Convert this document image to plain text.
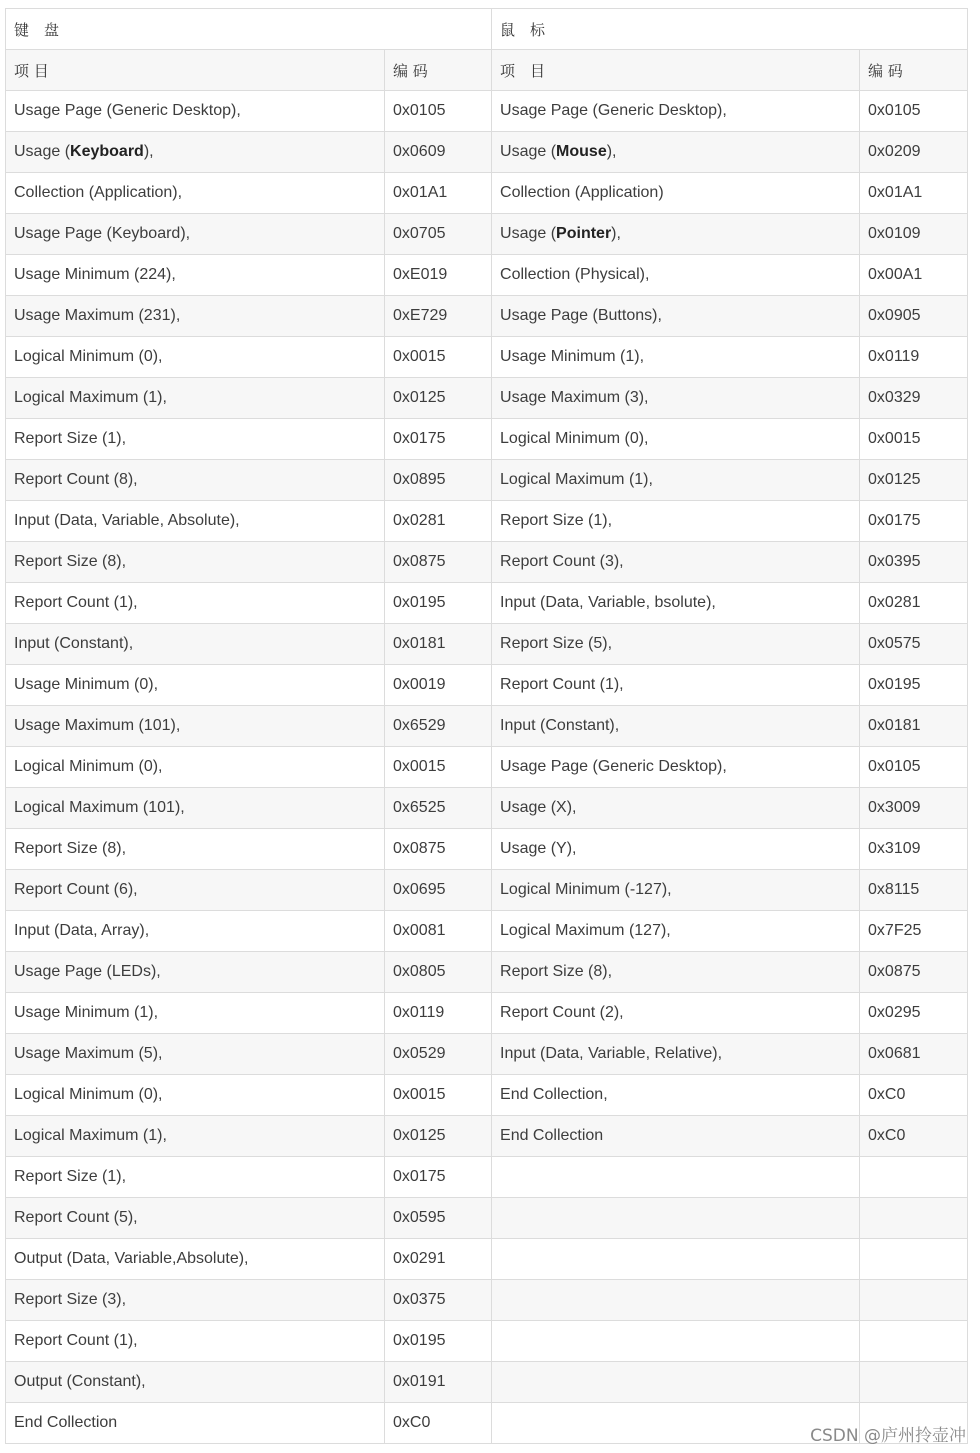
键　盘		鼠　标	
项 目	编 码	项　目	编 码
Usage Page (Generic Desktop),	0x0105	Usage Page (Generic Desktop),	0x0105
Usage (Keyboard),	0x0609	Usage (Mouse),	0x0209
Collection (Application),	0x01A1	Collection (Application)	0x01A1
Usage Page (Keyboard),	0x0705	Usage (Pointer),	0x0109
Usage Minimum (224),	0xE019	Collection (Physical),	0x00A1
Usage Maximum (231),	0xE729	Usage Page (Buttons),	0x0905
Logical Minimum (0),	0x0015	Usage Minimum (1),	0x0119
Logical Maximum (1),	0x0125	Usage Maximum (3),	0x0329
Report Size (1),	0x0175	Logical Minimum (0),	0x0015
Report Count (8),	0x0895	Logical Maximum (1),	0x0125
Input (Data, Variable, Absolute),	0x0281	Report Size (1),	0x0175
Report Size (8),	0x0875	Report Count (3),	0x0395
Report Count (1),	0x0195	Input (Data, Variable, bsolute),	0x0281
Input (Constant),	0x0181	Report Size (5),	0x0575
Usage Minimum (0),	0x0019	Report Count (1),	0x0195
Usage Maximum (101),	0x6529	Input (Constant),	0x0181
Logical Minimum (0),	0x0015	Usage Page (Generic Desktop),	0x0105
Logical Maximum (101),	0x6525	Usage (X),	0x3009
Report Size (8),	0x0875	Usage (Y),	0x3109
Report Count (6),	0x0695	Logical Minimum (-127),	0x8115
Input (Data, Array),	0x0081	Logical Maximum (127),	0x7F25
Usage Page (LEDs),	0x0805	Report Size (8),	0x0875
Usage Minimum (1),	0x0119	Report Count (2),	0x0295
Usage Maximum (5),	0x0529	Input (Data, Variable, Relative),	0x0681
Logical Minimum (0),	0x0015	End Collection,	0xC0
Logical Maximum (1),	0x0125	End Collection	0xC0
Report Size (1),	0x0175		
Report Count (5),	0x0595		
Output (Data, Variable,Absolute),	0x0291		
Report Size (3),	0x0375		
Report Count (1),	0x0195		
Output (Constant),	0x0191		
End Collection	0xC0		
CSDN @庐州拎壶冲
